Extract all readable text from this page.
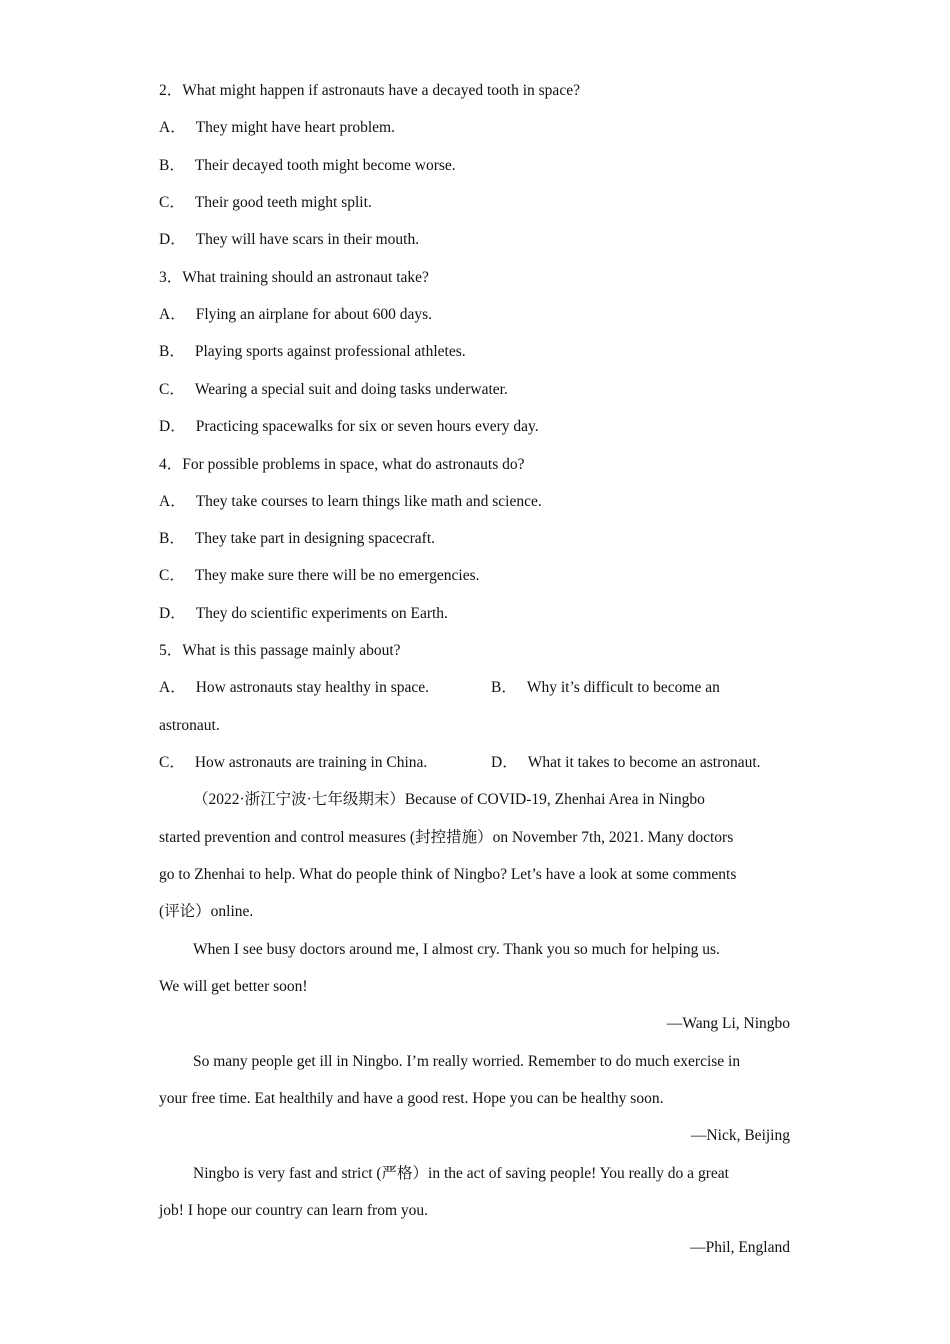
2．What might happen if astronauts have a decayed tooth in space?
A． They might have heart problem.
B． Their decayed tooth might become worse.
C． Their good teeth might split.
D． They will have scars in their mouth.
3．What training should an astronaut take?
A． Flying an airplane for about 600 days.
B． Playing sports against professional athletes.
C． Wearing a special suit and doing tasks underwater.
D． Practicing spacewalks for six or seven hours every day.
4．For possible problems in space, what do astronauts do?
A． They take courses to learn things like math and science.
B． They take part in designing spacecraft.
C． They make sure there will be no emergencies.
D． They do scientific experiments on Earth.
5．What is this passage mainly about?
A． How astronauts stay healthy in space.	B． Why it’s difficult to become an
astronaut.
C． How astronauts are training in China.	D． What it takes to become an astronaut.
（2022·浙江宁波·七年级期末）Because of COVID-19, Zhenhai Area in Ningbo
started prevention and control measures (封控措施）on November 7th, 2021. Many doctors
go to Zhenhai to help. What do people think of Ningbo? Let’s have a look at some comments
(评论）online.
When I see busy doctors around me, I almost cry. Thank you so much for helping us.
We will get better soon!
—Wang Li, Ningbo
So many people get ill in Ningbo. I’m really worried. Remember to do much exercise in
your free time. Eat healthily and have a good rest. Hope you can be healthy soon.
—Nick, Beijing
Ningbo is very fast and strict (严格）in the act of saving people! You really do a great
job! I hope our country can learn from you.
—Phil, England
